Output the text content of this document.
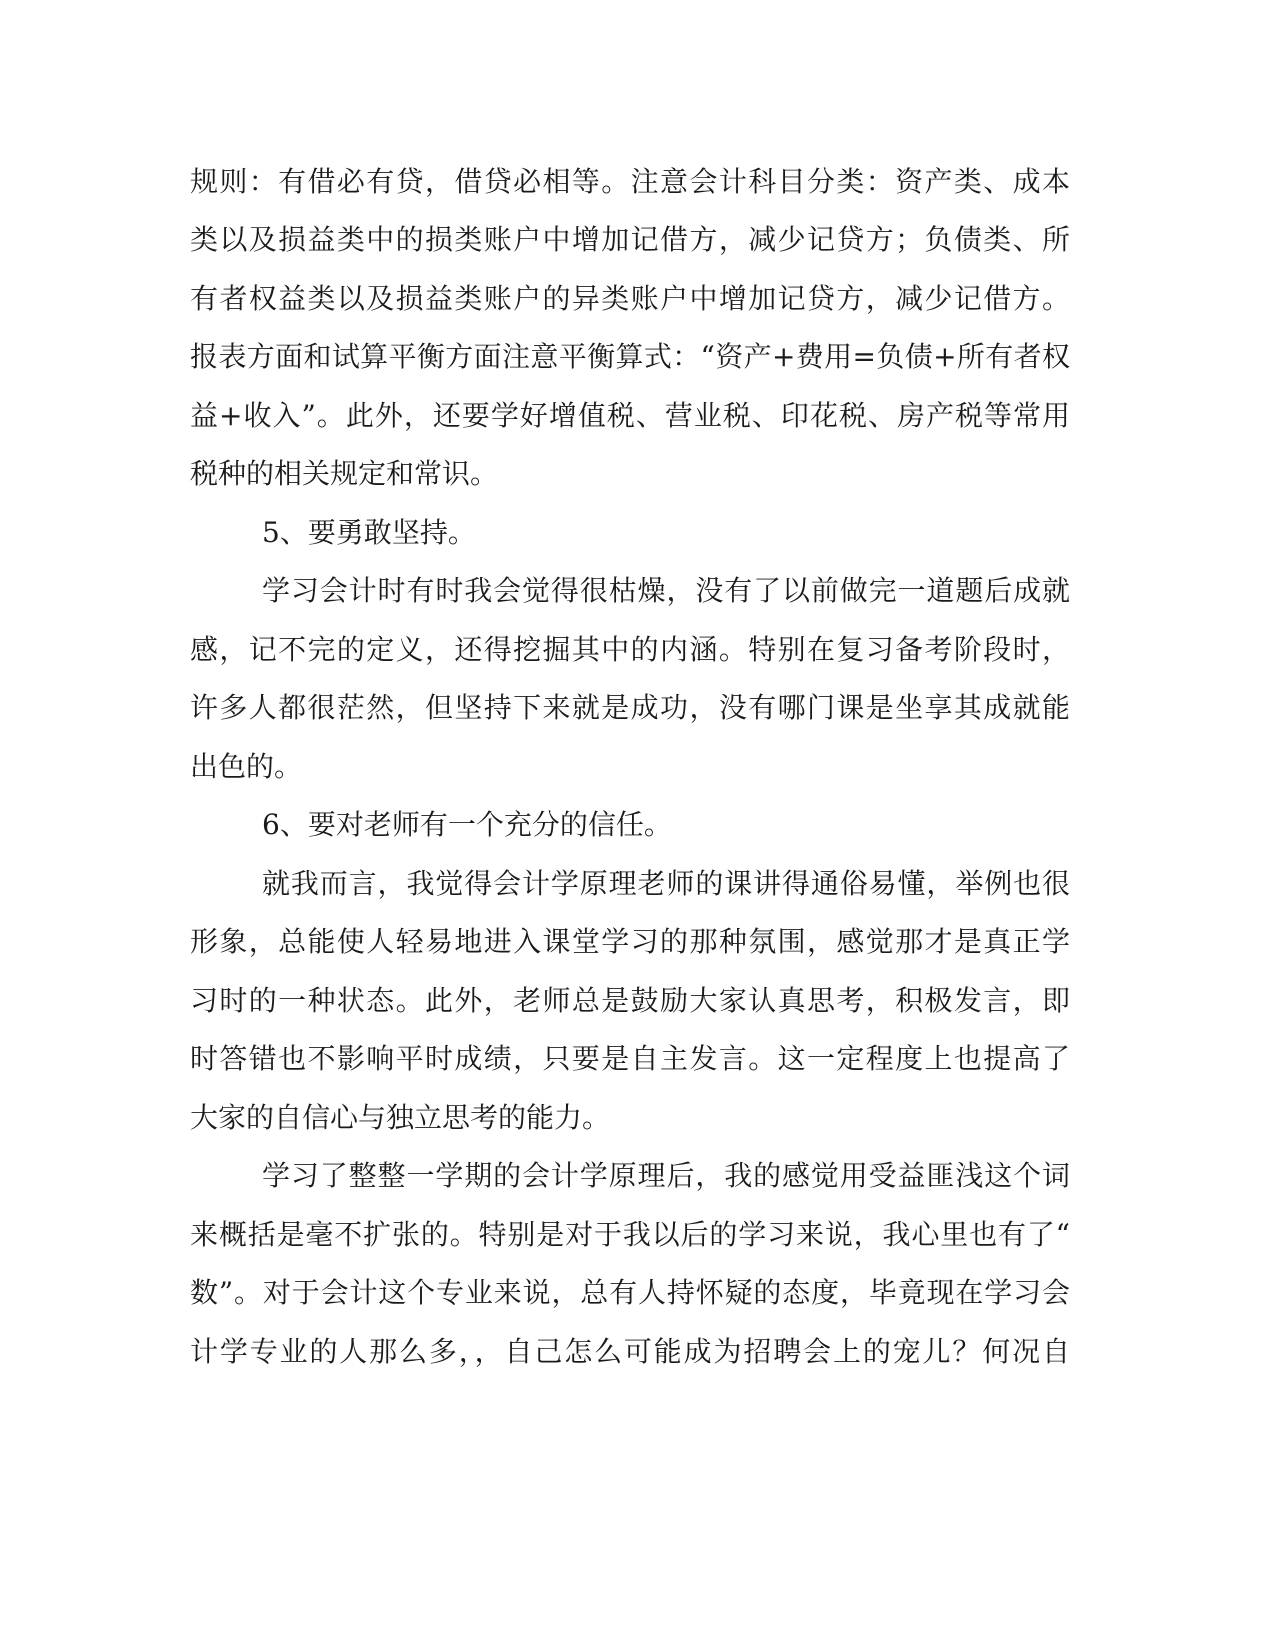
规则：有借必有贷，借贷必相等。注意会计科目分类：资产类、成本
类以及损益类中的损类账户中增加记借方，减少记贷方；负债类、所
有者权益类以及损益类账户的异类账户中增加记贷方，减少记借方。
报表方面和试算平衡方面注意平衡算式：“资产+费用=负债+所有者权
益+收入”。此外，还要学好增值税、营业税、印花税、房产税等常用
税种的相关规定和常识。
5、要勇敢坚持。
学习会计时有时我会觉得很枯燥，没有了以前做完一道题后成就
感，记不完的定义，还得挖掘其中的内涵。特别在复习备考阶段时，
许多人都很茫然，但坚持下来就是成功，没有哪门课是坐享其成就能
出色的。
6、要对老师有一个充分的信任。
就我而言，我觉得会计学原理老师的课讲得通俗易懂，举例也很
形象，总能使人轻易地进入课堂学习的那种氛围，感觉那才是真正学
习时的一种状态。此外，老师总是鼓励大家认真思考，积极发言，即
时答错也不影响平时成绩，只要是自主发言。这一定程度上也提高了
大家的自信心与独立思考的能力。
学习了整整一学期的会计学原理后，我的感觉用受益匪浅这个词
来概括是毫不扩张的。特别是对于我以后的学习来说，我心里也有了“
数”。对于会计这个专业来说，总有人持怀疑的态度，毕竟现在学习会
计学专业的人那么多，，自己怎么可能成为招聘会上的宠儿？何况自
